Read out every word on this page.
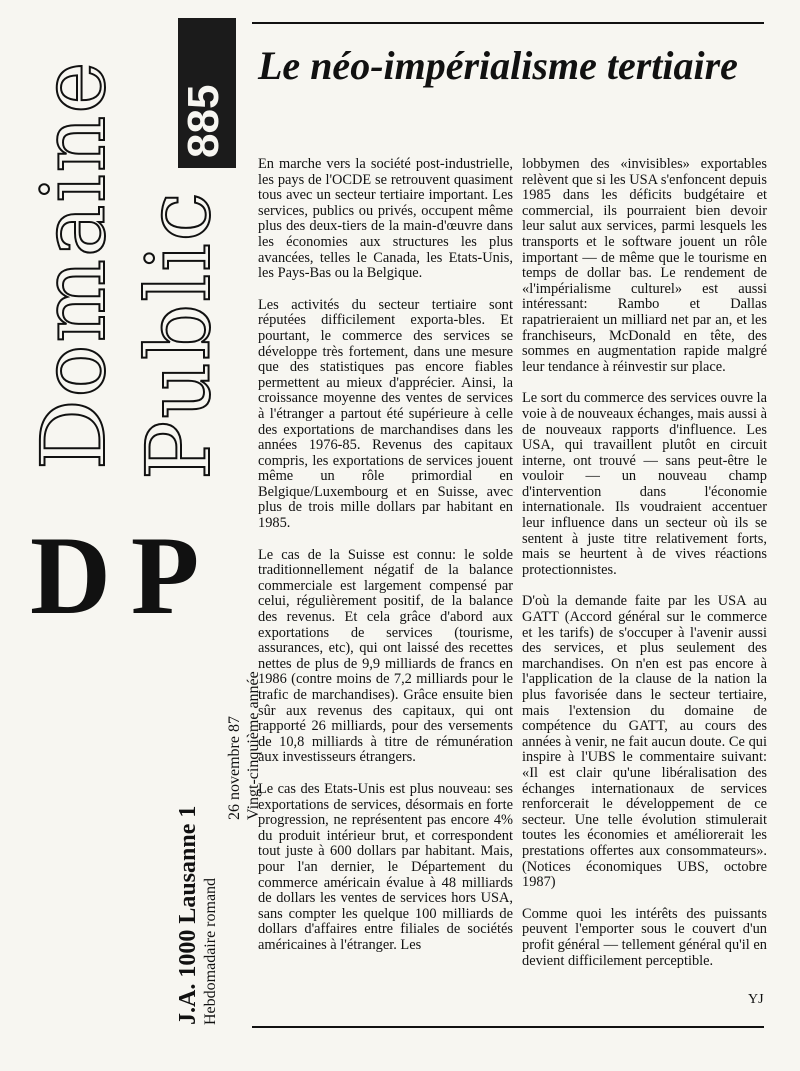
Domaine Public
885
DP
J.A. 1000 Lausanne 1 Hebdomadaire romand
26 novembre 87 Vingt-cinquième année
Le néo-impérialisme tertiaire

En marche vers la société post-industrielle, les pays de l'OCDE se retrouvent quasiment tous avec un secteur tertiaire important. Les services, publics ou privés, occupent même plus des deux-tiers de la main-d'œuvre dans les économies aux structures les plus avancées, telles le Canada, les Etats-Unis, les Pays-Bas ou la Belgique.

Les activités du secteur tertiaire sont réputées difficilement exporta-bles. Et pourtant, le commerce des services se développe très fortement, dans une mesure que des statistiques pas encore fiables permettent au mieux d'apprécier. Ainsi, la croissance moyenne des ventes de services à l'étranger a partout été supérieure à celle des exportations de marchandises dans les années 1976-85. Revenus des capitaux compris, les exportations de services jouent même un rôle primordial en Belgique/Luxembourg et en Suisse, avec plus de trois mille dollars par habitant en 1985.

Le cas de la Suisse est connu: le solde traditionnellement négatif de la balance commerciale est largement compensé par celui, régulièrement positif, de la balance des revenus. Et cela grâce d'abord aux exportations de services (tourisme, assurances, etc), qui ont laissé des recettes nettes de plus de 9,9 milliards de francs en 1986 (contre moins de 7,2 milliards pour le trafic de marchandises). Grâce ensuite bien sûr aux revenus des capitaux, qui ont rapporté 26 milliards, pour des versements de 10,8 milliards à titre de rémunération aux investisseurs étrangers.

Le cas des Etats-Unis est plus nouveau: ses exportations de services, désormais en forte progression, ne représentent pas encore 4% du produit intérieur brut, et correspondent tout juste à 600 dollars par habitant. Mais, pour l'an dernier, le Département du commerce américain évalue à 48 milliards de dollars les ventes de services hors USA, sans compter les quelque 100 milliards de dollars d'affaires entre filiales de sociétés américaines à l'étranger. Les

lobbymen des «invisibles» exportables relèvent que si les USA s'enfoncent depuis 1985 dans les déficits budgétaire et commercial, ils pourraient bien devoir leur salut aux services, parmi lesquels les transports et le software jouent un rôle important — de même que le tourisme en temps de dollar bas. Le rendement de «l'impérialisme culturel» est aussi intéressant: Rambo et Dallas rapatrieraient un milliard net par an, et les franchiseurs, McDonald en tête, des sommes en augmentation rapide malgré leur tendance à réinvestir sur place.

Le sort du commerce des services ouvre la voie à de nouveaux échanges, mais aussi à de nouveaux rapports d'influence. Les USA, qui travaillent plutôt en circuit interne, ont trouvé — sans peut-être le vouloir — un nouveau champ d'intervention dans l'économie internationale. Ils voudraient accentuer leur influence dans un secteur où ils se sentent à juste titre relativement forts, mais se heurtent à de vives réactions protectionnistes.

D'où la demande faite par les USA au GATT (Accord général sur le commerce et les tarifs) de s'occuper à l'avenir aussi des services, et plus seulement des marchandises. On n'en est pas encore à l'application de la clause de la nation la plus favorisée dans le secteur tertiaire, mais l'extension du domaine de compétence du GATT, au cours des années à venir, ne fait aucun doute. Ce qui inspire à l'UBS le commentaire suivant: «Il est clair qu'une libéralisation des échanges internationaux de services renforcerait le développement de ce secteur. Une telle évolution stimulerait toutes les économies et améliorerait les prestations offertes aux consommateurs». (Notices économiques UBS, octobre 1987)

Comme quoi les intérêts des puissants peuvent l'emporter sous le couvert d'un profit général — tellement général qu'il en devient difficilement perceptible.

YJ
